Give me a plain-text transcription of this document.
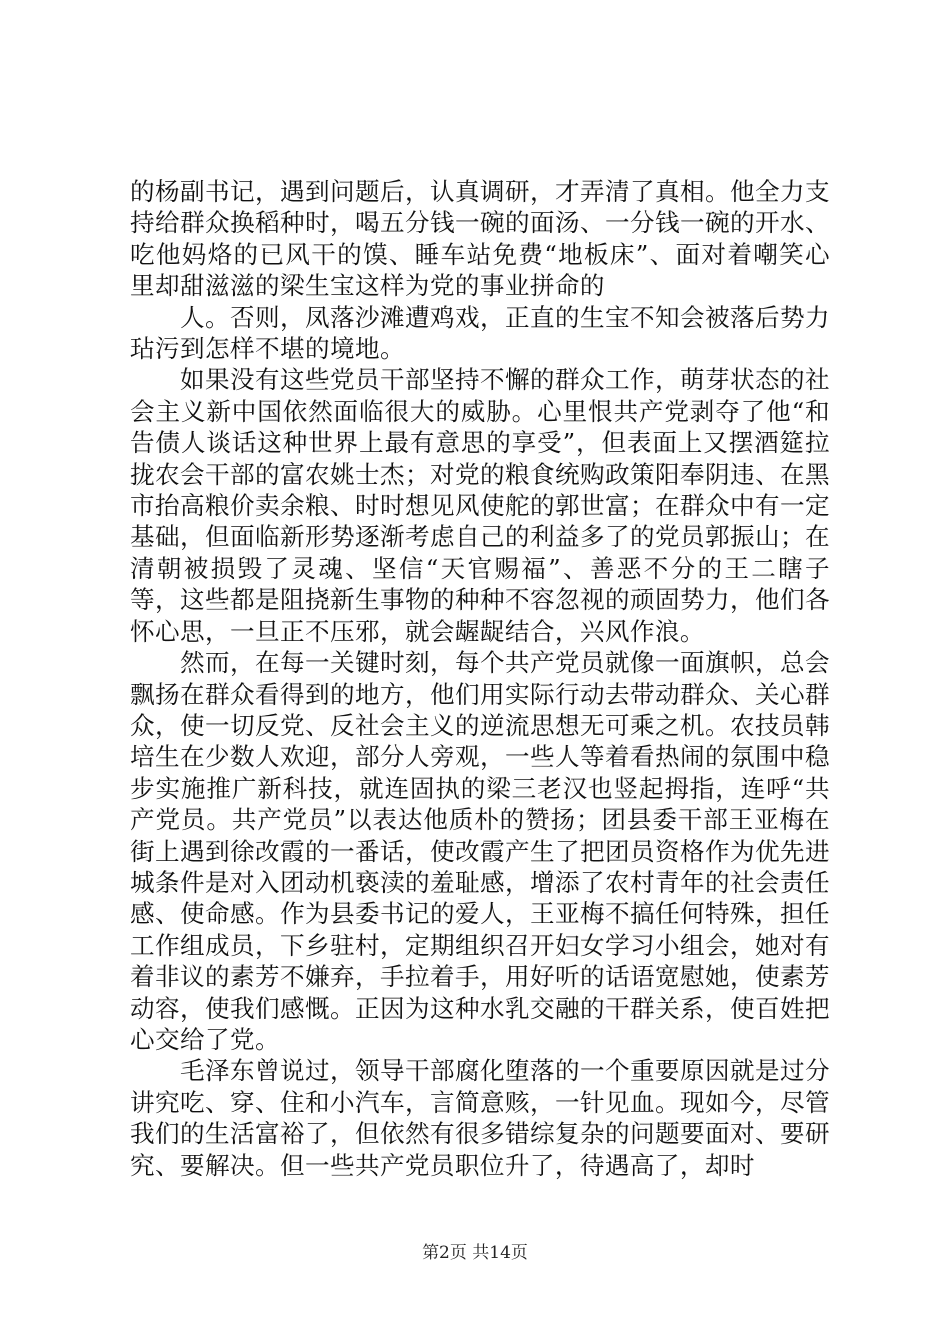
的杨副书记，遇到问题后，认真调研，才弄清了真相。他全力支持给群众换稻种时，喝五分钱一碗的面汤、一分钱一碗的开水、吃他妈烙的已风干的馍、睡车站免费“地板床”、面对着嘲笑心里却甜滋滋的梁生宝这样为党的事业拼命的

人。否则，凤落沙滩遭鸡戏，正直的生宝不知会被落后势力玷污到怎样不堪的境地。

如果没有这些党员干部坚持不懈的群众工作，萌芽状态的社会主义新中国依然面临很大的威胁。心里恨共产党剥夺了他“和告债人谈话这种世界上最有意思的享受”，但表面上又摆酒筵拉拢农会干部的富农姚士杰；对党的粮食统购政策阳奉阴违、在黑市抬高粮价卖余粮、时时想见风使舵的郭世富；在群众中有一定基础，但面临新形势逐渐考虑自己的利益多了的党员郭振山；在清朝被损毁了灵魂、坚信“天官赐福”、善恶不分的王二瞎子等，这些都是阻挠新生事物的种种不容忽视的顽固势力，他们各怀心思，一旦正不压邪，就会龌龊结合，兴风作浪。

然而，在每一关键时刻，每个共产党员就像一面旗帜，总会飘扬在群众看得到的地方，他们用实际行动去带动群众、关心群众，使一切反党、反社会主义的逆流思想无可乘之机。农技员韩培生在少数人欢迎，部分人旁观，一些人等着看热闹的氛围中稳步实施推广新科技，就连固执的梁三老汉也竖起拇指，连呼“共产党员。共产党员”以表达他质朴的赞扬；团县委干部王亚梅在街上遇到徐改霞的一番话，使改霞产生了把团员资格作为优先进城条件是对入团动机亵渎的羞耻感，增添了农村青年的社会责任感、使命感。作为县委书记的爱人，王亚梅不搞任何特殊，担任工作组成员，下乡驻村，定期组织召开妇女学习小组会，她对有着非议的素芳不嫌弃，手拉着手，用好听的话语宽慰她，使素芳动容，使我们感慨。正因为这种水乳交融的干群关系，使百姓把心交给了党。

毛泽东曾说过，领导干部腐化堕落的一个重要原因就是过分讲究吃、穿、住和小汽车，言简意赅，一针见血。现如今，尽管我们的生活富裕了，但依然有很多错综复杂的问题要面对、要研究、要解决。但一些共产党员职位升了，待遇高了，却时

第2页 共14页
